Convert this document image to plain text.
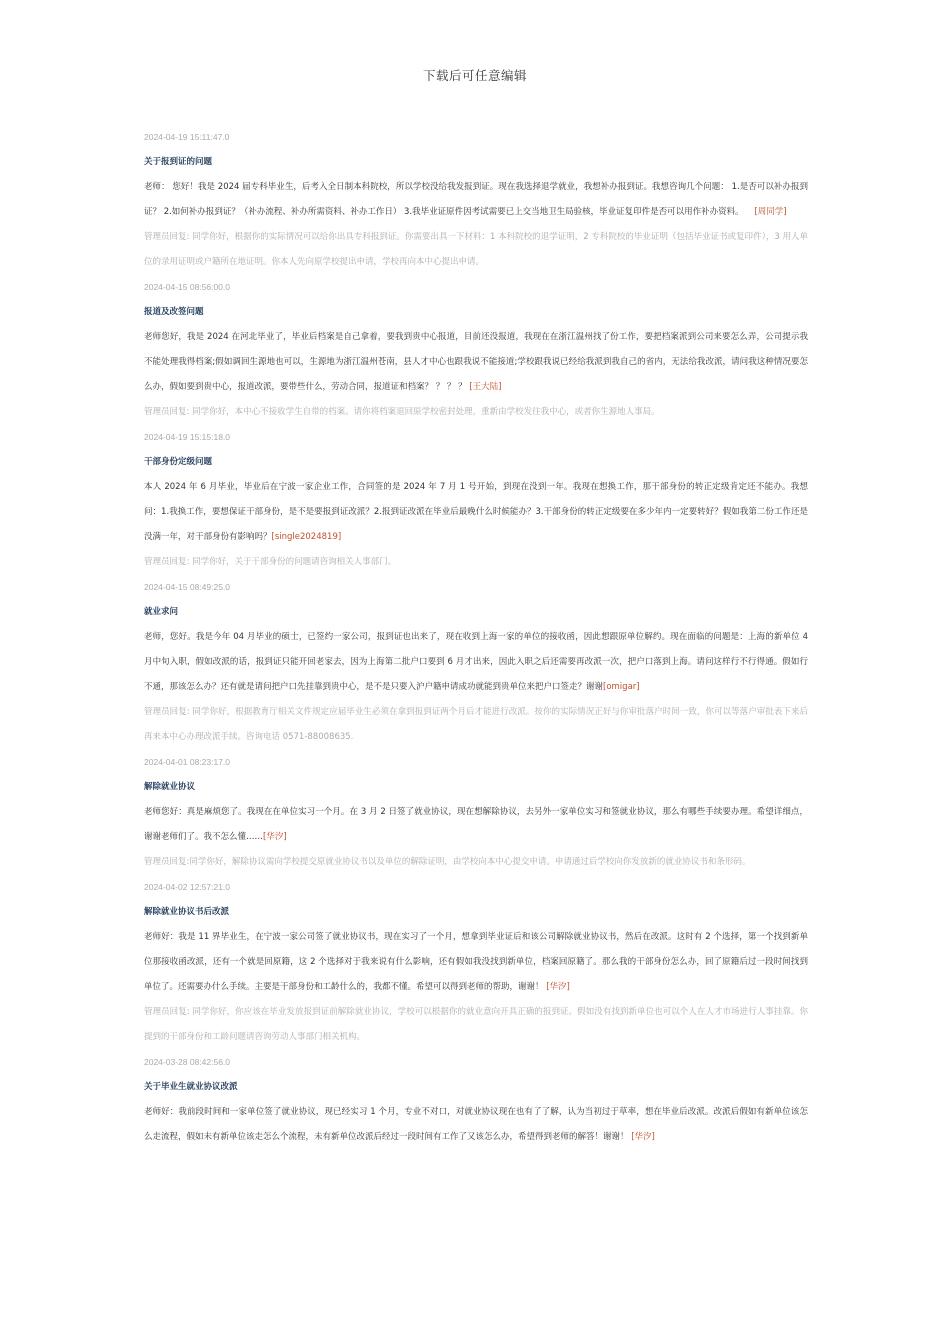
下载后可任意编辑
2024-04-19 15:11:47.0
关于报到证的问题
老师： 您好！我是 2024 届专科毕业生，后考入全日制本科院校，所以学校没给我发报到证。现在我选择退学就业，我想补办报到证。我想咨询几个问题： 1.是否可以补办报到证？ 2.如何补办报到证？（补办流程、补办所需资料、补办工作日） 3.我毕业证原件因考试需要已上交当地卫生局验核，毕业证复印件是否可以用作补办资料。 [周同学]
管理员回复: 同学你好，根据你的实际情况可以给你出具专科报到证。你需要出具一下材料：1 本科院校的退学证明，2 专科院校的毕业证明（包括毕业证书或复印件），3 用人单位的录用证明或户籍所在地证明。你本人先向原学校提出申请，学校再向本中心提出申请。
2024-04-15 08:56:00.0
报道及改签问题
老师您好，我是 2024 在河北毕业了，毕业后档案是自己拿着，要我到贵中心报道，目前还没报道，我现在在浙江温州找了份工作，要把档案派到公司来要怎么弄，公司提示我不能处理我得档案;假如调回生源地也可以，生源地为浙江温州苍南，县人才中心也跟我说不能接道;学校跟我说已经给我派到我自己的省内，无法给我改派，请问我这种情况要怎么办，假如要到贵中心，报道改派，要带些什么，劳动合同，报道证和档案？ ？ ？ ？ [王大陆]
管理员回复: 同学你好，本中心不接收学生自带的档案。请你将档案退回原学校密封处理，重新由学校发往我中心，或者你生源地人事局。
2024-04-19 15:15:18.0
干部身份定级问题
本人 2024 年 6 月毕业，毕业后在宁波一家企业工作，合同签的是 2024 年 7 月 1 号开始，到现在没到一年。我现在想换工作，那干部身份的转正定级肯定还不能办。我想问：1.我换工作，要想保证干部身份，是不是要报到证改派？2.报到证改派在毕业后最晚什么时候能办？3.干部身份的转正定级要在多少年内一定要转好？假如我第二份工作还是没满一年，对干部身份有影响吗？[single2024819]
管理员回复: 同学你好，关于干部身份的问题请咨询相关人事部门。
2024-04-15 08:49:25.0
就业求问
老师，您好。我是今年 04 月毕业的硕士，已签约一家公司，报到证也出来了，现在收到上海一家的单位的接收函，因此想跟原单位解约。现在面临的问题是：上海的新单位 4 月中旬入职，假如改派的话，报到证只能开回老家去，因为上海第二批户口要到 6 月才出来，因此入职之后还需要再改派一次，把户口落到上海。请问这样行不行得通。假如行不通，那该怎么办？还有就是请问把户口先挂靠到贵中心，是不是只要入沪户籍申请成功就能到贵单位来把户口签走？谢谢[omigar]
管理员回复: 同学你好，根据教育厅相关文件规定应届毕业生必须在拿到报到证两个月后才能进行改派。按你的实际情况正好与你审批落户时间一致，你可以等落户审批表下来后再来本中心办理改派手续。咨询电话 0571-88008635.
2024-04-01 08:23:17.0
解除就业协议
老师您好：真是麻烦您了。我现在在单位实习一个月。在 3 月 2 日签了就业协议，现在想解除协议，去另外一家单位实习和签就业协议，那么有哪些手续要办理。希望详细点，谢谢老师们了。我不怎么懂……[华汐]
管理员回复:同学你好，解除协议需向学校提交原就业协议书以及单位的解除证明，由学校向本中心提交申请。申请通过后学校向你发放新的就业协议书和条形码。
2024-04-02 12:57:21.0
解除就业协议书后改派
老师好：我是 11 界毕业生，在宁波一家公司签了就业协议书，现在实习了一个月，想拿到毕业证后和该公司解除就业协议书，然后在改派。这时有 2 个选择，第一个找到新单位那接收函改派，还有一个就是回原籍，这 2 个选择对于我来说有什么影响，还有假如我没找到新单位，档案回原籍了。那么我的干部身份怎么办，回了原籍后过一段时间找到单位了。还需要办什么手续。主要是干部身份和工龄什么的，我都不懂。希望可以得到老师的帮助，谢谢！ [华汐]
管理员回复: 同学你好，你应该在毕业发放报到证前解除就业协议，学校可以根据你的就业意向开具正确的报到证。假如没有找到新单位也可以个人在人才市场进行人事挂靠。你提到的干部身份和工龄问题请咨询劳动人事部门相关机构。
2024-03-28 08:42:56.0
关于毕业生就业协议改派
老师好：我前段时间和一家单位签了就业协议，现已经实习 1 个月，专业不对口，对就业协议现在也有了了解，认为当初过于草率，想在毕业后改派。改派后假如有新单位该怎么走流程，假如未有新单位该走怎么个流程，未有新单位改派后经过一段时间有工作了又该怎么办，希望得到老师的解答！谢谢！ [华汐]
